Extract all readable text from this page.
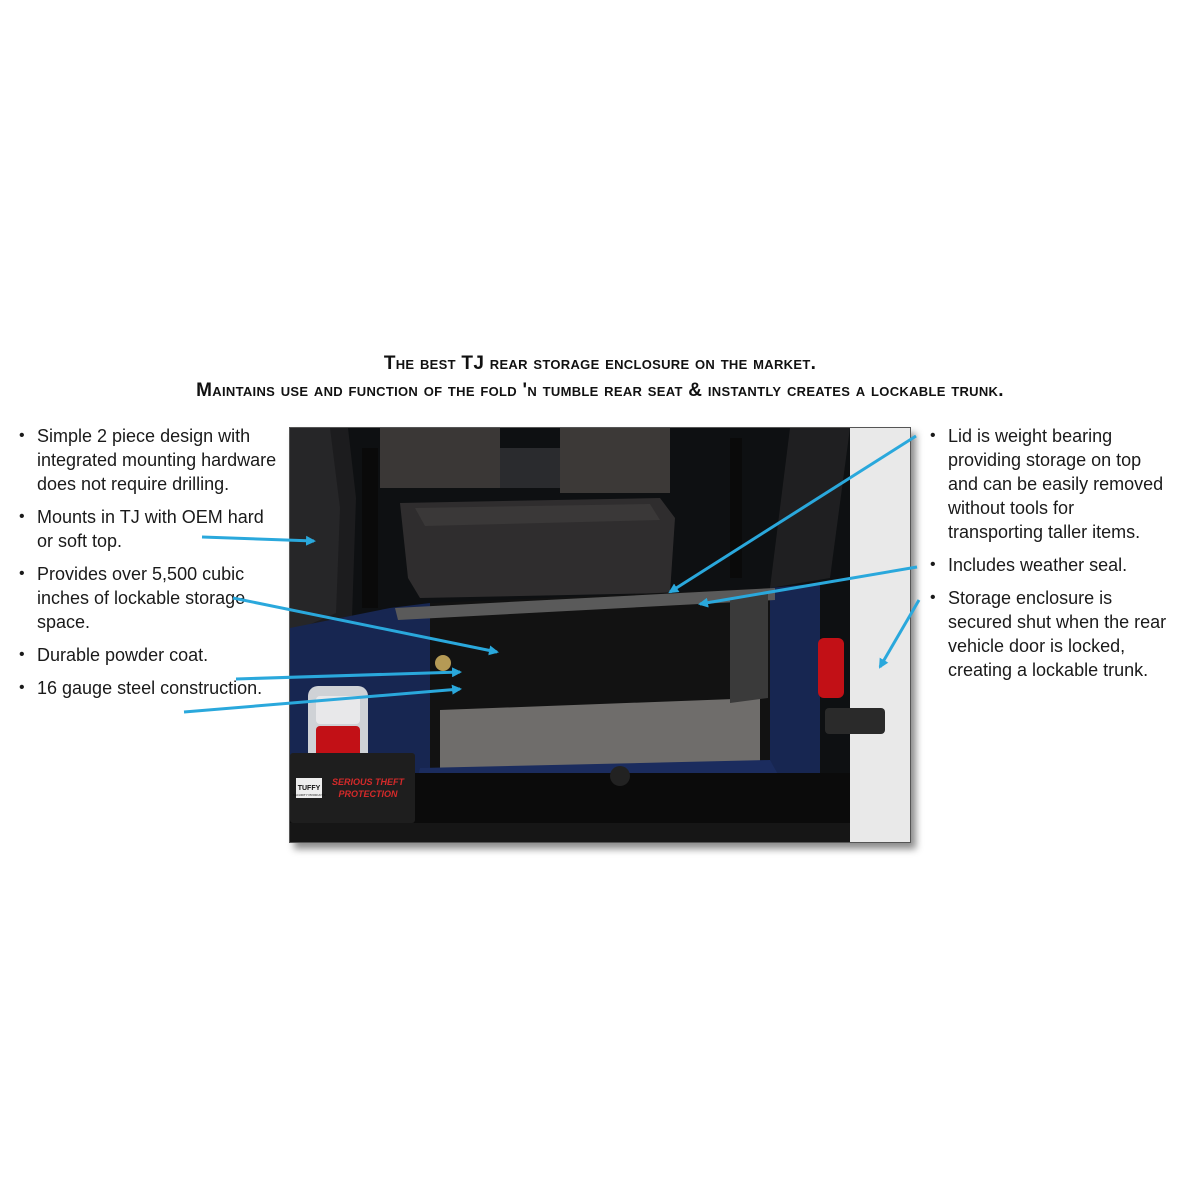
The best TJ rear storage enclosure on the market.
Maintains use and function of the fold 'n tumble rear seat & instantly creates a lockable trunk.
• Simple 2 piece design with integrated mounting hardware does not require drilling.
• Mounts in TJ with OEM hard or soft top.
• Provides over 5,500 cubic inches of lockable storage space.
• Durable powder coat.
• 16 gauge steel construction.
• Lid is weight bearing providing storage on top and can be easily removed without tools for transporting taller items.
• Includes weather seal.
• Storage enclosure is secured shut when the rear vehicle door is locked, creating a lockable trunk.
TUFFY
SECURITY PRODUCTS
SERIOUS THEFT
PROTECTION
